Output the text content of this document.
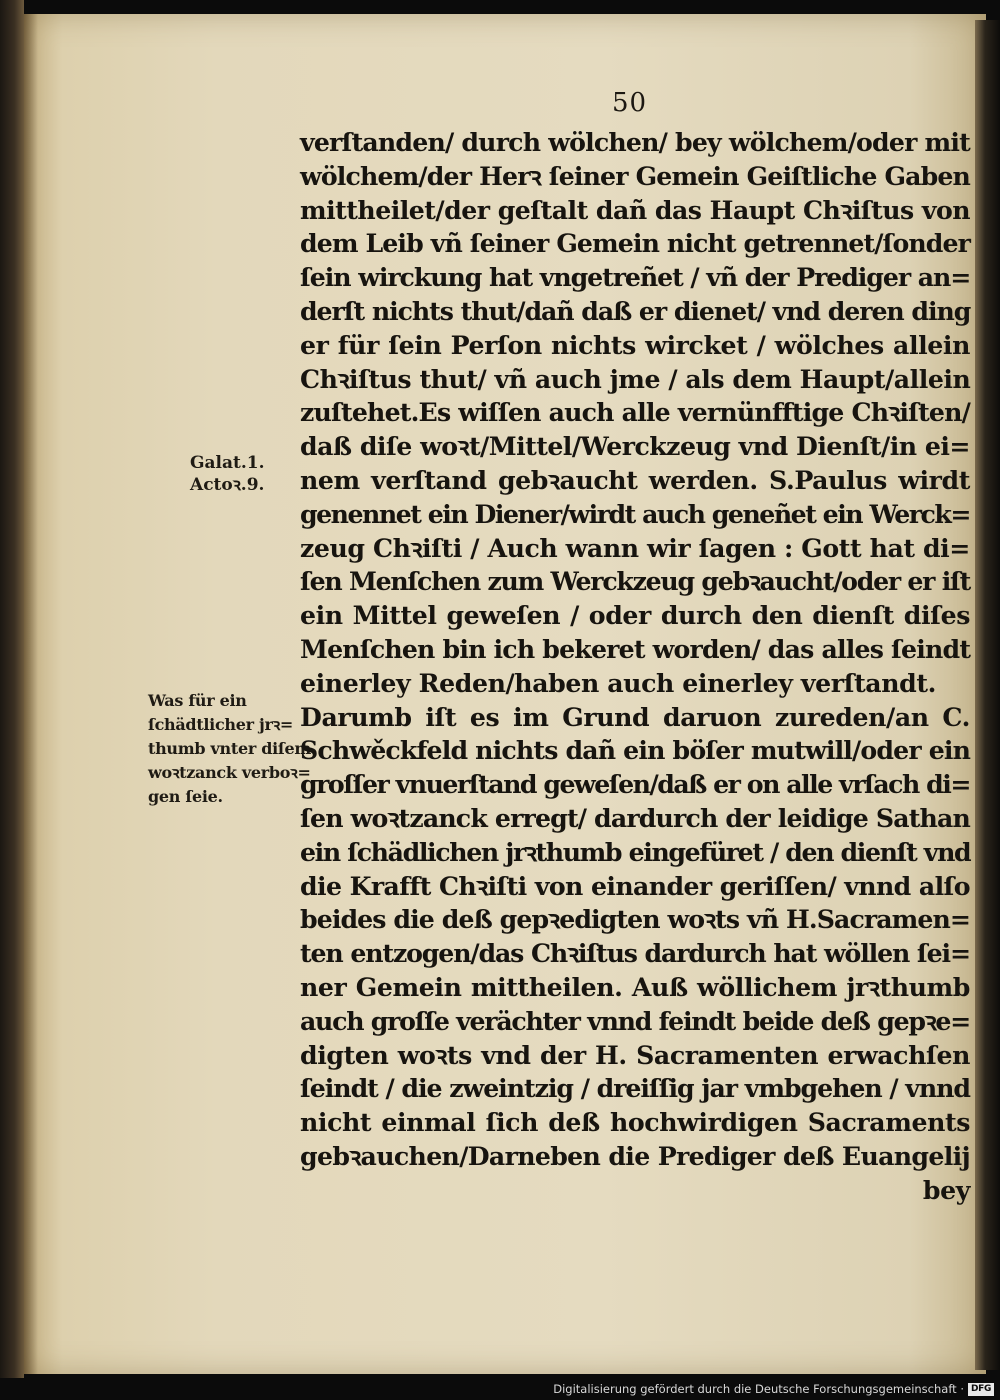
50
Galat.1.
Actoꝛ.9.
Was für ein
ſchädtlicher jrꝛ=
thumb vnter diſem
woꝛtzanck verboꝛ=
gen ſeie.
verſtanden/ durch wölchen/ bey wölchem/oder mit
wölchem/der Herꝛ ſeiner Gemein Geiſtliche Gaben
mittheilet/der geſtalt dañ das Haupt Chꝛiſtus von
dem Leib vñ ſeiner Gemein nicht getrennet/ſonder
ſein wirckung hat vngetreñet / vñ der Prediger an=
derſt nichts thut/dañ daß er dienet/ vnd deren ding
er für ſein Perſon nichts wircket / wölches allein
Chꝛiſtus thut/ vñ auch jme / als dem Haupt/allein
zuſtehet.Es wiſſen auch alle vernünfftige Chꝛiſten/
daß diſe woꝛt/Mittel/Werckzeug vnd Dienſt/in ei=
nem verſtand gebꝛaucht werden. S.Paulus wirdt
genennet ein Diener/wirdt auch geneñet ein Werck=
zeug Chꝛiſti / Auch wann wir ſagen : Gott hat di=
ſen Menſchen zum Werckzeug gebꝛaucht/oder er iſt
ein Mittel geweſen / oder durch den dienſt diſes
Menſchen bin ich bekeret worden/ das alles ſeindt
einerley Reden/haben auch einerley verſtandt.
Darumb iſt es im Grund daruon zureden/an C.
Schwěckfeld nichts dañ ein böſer mutwill/oder ein
groſſer vnuerſtand geweſen/daß er on alle vrſach di=
ſen woꝛtzanck erregt/ dardurch der leidige Sathan
ein ſchädlichen jrꝛthumb eingefüret / den dienſt vnd
die Krafft Chꝛiſti von einander geriſſen/ vnnd alſo
beides die deß gepꝛedigten woꝛts vñ H.Sacramen=
ten entzogen/das Chꝛiſtus dardurch hat wöllen ſei=
ner Gemein mittheilen. Auß wöllichem jrꝛthumb
auch groſſe verächter vnnd feindt beide deß gepꝛe=
digten woꝛts vnd der H. Sacramenten erwachſen
ſeindt / die zweintzig / dreiſſig jar vmbgehen / vnnd
nicht einmal ſich deß hochwirdigen Sacraments
gebꝛauchen/Darneben die Prediger deß Euangelij
bey
Digitalisierung gefördert durch die Deutsche Forschungsgemeinschaft · DFG
